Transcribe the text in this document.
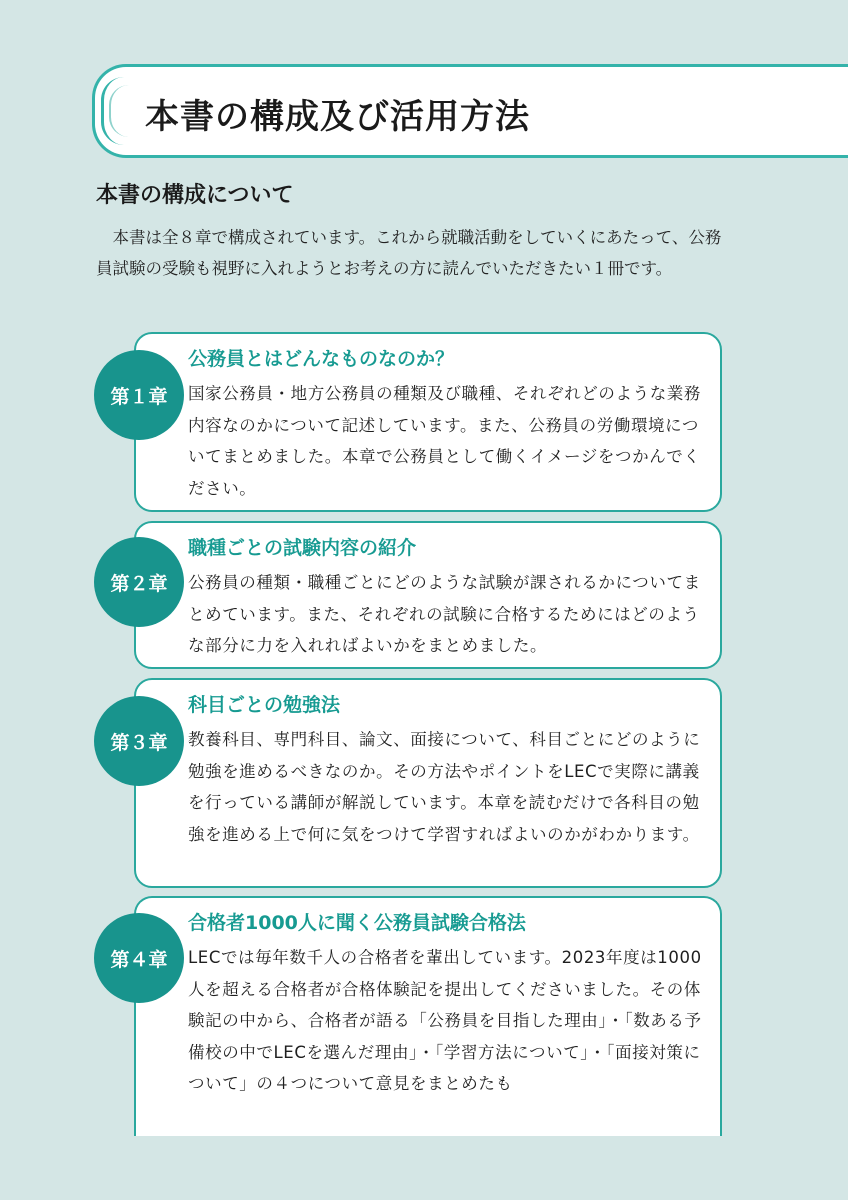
本書の構成及び活用方法
本書の構成について
本書は全８章で構成されています。これから就職活動をしていくにあたって、公務員試験の受験も視野に入れようとお考えの方に読んでいただきたい１冊です。
公務員とはどんなものなのか？
国家公務員・地方公務員の種類及び職種、それぞれどのような業務内容なのかについて記述しています。また、公務員の労働環境についてまとめました。本章で公務員として働くイメージをつかんでください。
第１章
職種ごとの試験内容の紹介
公務員の種類・職種ごとにどのような試験が課されるかについてまとめています。また、それぞれの試験に合格するためにはどのような部分に力を入れればよいかをまとめました。
第２章
科目ごとの勉強法
教養科目、専門科目、論文、面接について、科目ごとにどのように勉強を進めるべきなのか。その方法やポイントをLECで実際に講義を行っている講師が解説しています。本章を読むだけで各科目の勉強を進める上で何に気をつけて学習すればよいのかがわかります。
第３章
合格者1000人に聞く公務員試験合格法
LECでは毎年数千人の合格者を輩出しています。2023年度は1000人を超える合格者が合格体験記を提出してくださいました。その体験記の中から、合格者が語る「公務員を目指した理由」・「数ある予備校の中でLECを選んだ理由」・「学習方法について」・「面接対策について」の４つについて意見をまとめたも
第４章
